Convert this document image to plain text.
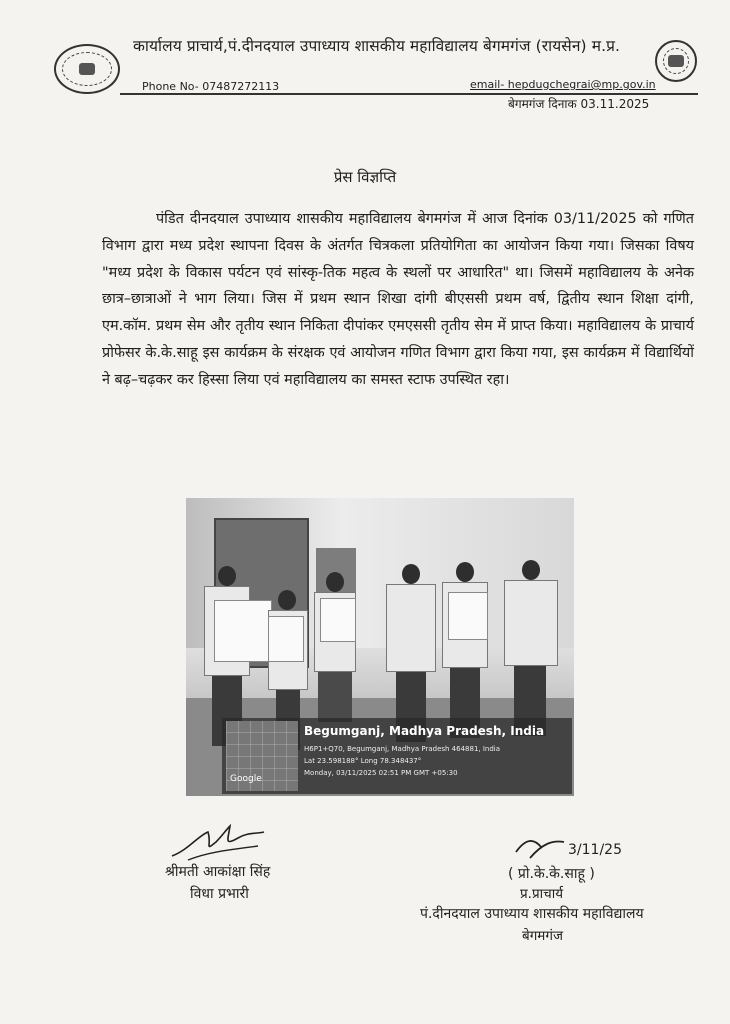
कार्यालय प्राचार्य,पं.दीनदयाल उपाध्याय शासकीय महाविद्यालय बेगमगंज (रायसेन) म.प्र.
Phone No- 07487272113	email- hepdugchegrai@mp.gov.in
बेगमगंज दिनाक 03.11.2025
प्रेस विज्ञप्ति
पंडित दीनदयाल उपाध्याय शासकीय महाविद्यालय बेगमगंज में आज दिनांक 03/11/2025 को गणित विभाग द्वारा मध्य प्रदेश स्थापना दिवस के अंतर्गत चित्रकला प्रतियोगिता का आयोजन किया गया। जिसका विषय "मध्य प्रदेश के विकास पर्यटन एवं सांस्कृ-तिक महत्व के स्थलों पर आधारित" था। जिसमें महाविद्यालय के अनेक छात्र–छात्राओं ने भाग लिया। जिस में प्रथम स्थान शिखा दांगी बीएससी प्रथम वर्ष, द्वितीय स्थान शिक्षा दांगी, एम.कॉम. प्रथम सेम और तृतीय स्थान निकिता दीपांकर एमएससी तृतीय सेम में प्राप्त किया। महाविद्यालय के प्राचार्य प्रोफेसर के.के.साहू इस कार्यक्रम के संरक्षक एवं आयोजन गणित विभाग द्वारा किया गया, इस कार्यक्रम में विद्यार्थियों ने बढ़–चढ़कर कर हिस्सा लिया एवं महाविद्यालय का समस्त स्टाफ उपस्थित रहा।
Google
Begumganj, Madhya Pradesh, India
H6P1+Q70, Begumganj, Madhya Pradesh 464881, India
Lat 23.598188° Long 78.348437°
Monday, 03/11/2025 02:51 PM GMT +05:30
3/11/25
श्रीमती आकांक्षा सिंह
विधा प्रभारी
( प्रो.के.के.साहू )
प्र.प्राचार्य
पं.दीनदयाल उपाध्याय शासकीय महाविद्यालय
बेगमगंज
